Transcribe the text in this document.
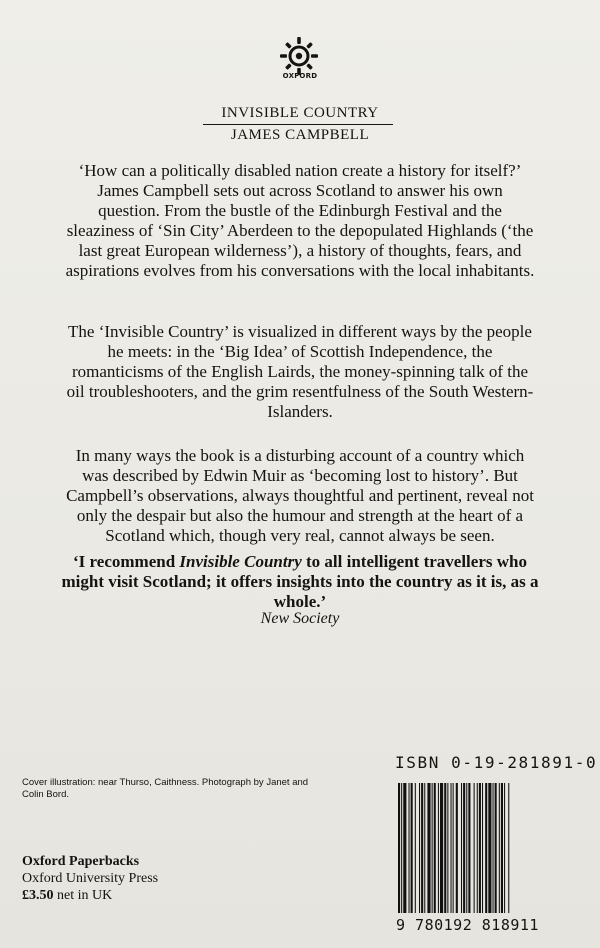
OXFORD
INVISIBLE COUNTRY
JAMES CAMPBELL

‘How can a politically disabled nation create a history for itself?’ James Campbell sets out across Scotland to answer his own question. From the bustle of the Edinburgh Festival and the sleaziness of ‘Sin City’ Aberdeen to the depopulated Highlands (‘the last great European wilderness’), a history of thoughts, fears, and aspirations evolves from his conversations with the local inhabitants.

The ‘Invisible Country’ is visualized in different ways by the people he meets: in the ‘Big Idea’ of Scottish Independence, the romanticisms of the English Lairds, the money-spinning talk of the oil troubleshooters, and the grim resentfulness of the South Western-Islanders.

In many ways the book is a disturbing account of a country which was described by Edwin Muir as ‘becoming lost to history’. But Campbell’s observations, always thoughtful and pertinent, reveal not only the despair but also the humour and strength at the heart of a Scotland which, though very real, cannot always be seen.

‘I recommend Invisible Country to all intelligent travellers who might visit Scotland; it offers insights into the country as it is, as a whole.’

New Society

Cover illustration: near Thurso, Caithness. Photograph by Janet and Colin Bord.

Oxford Paperbacks
Oxford University Press
£3.50 net in UK
ISBN 0-19-281891-0
9 780192 818911
